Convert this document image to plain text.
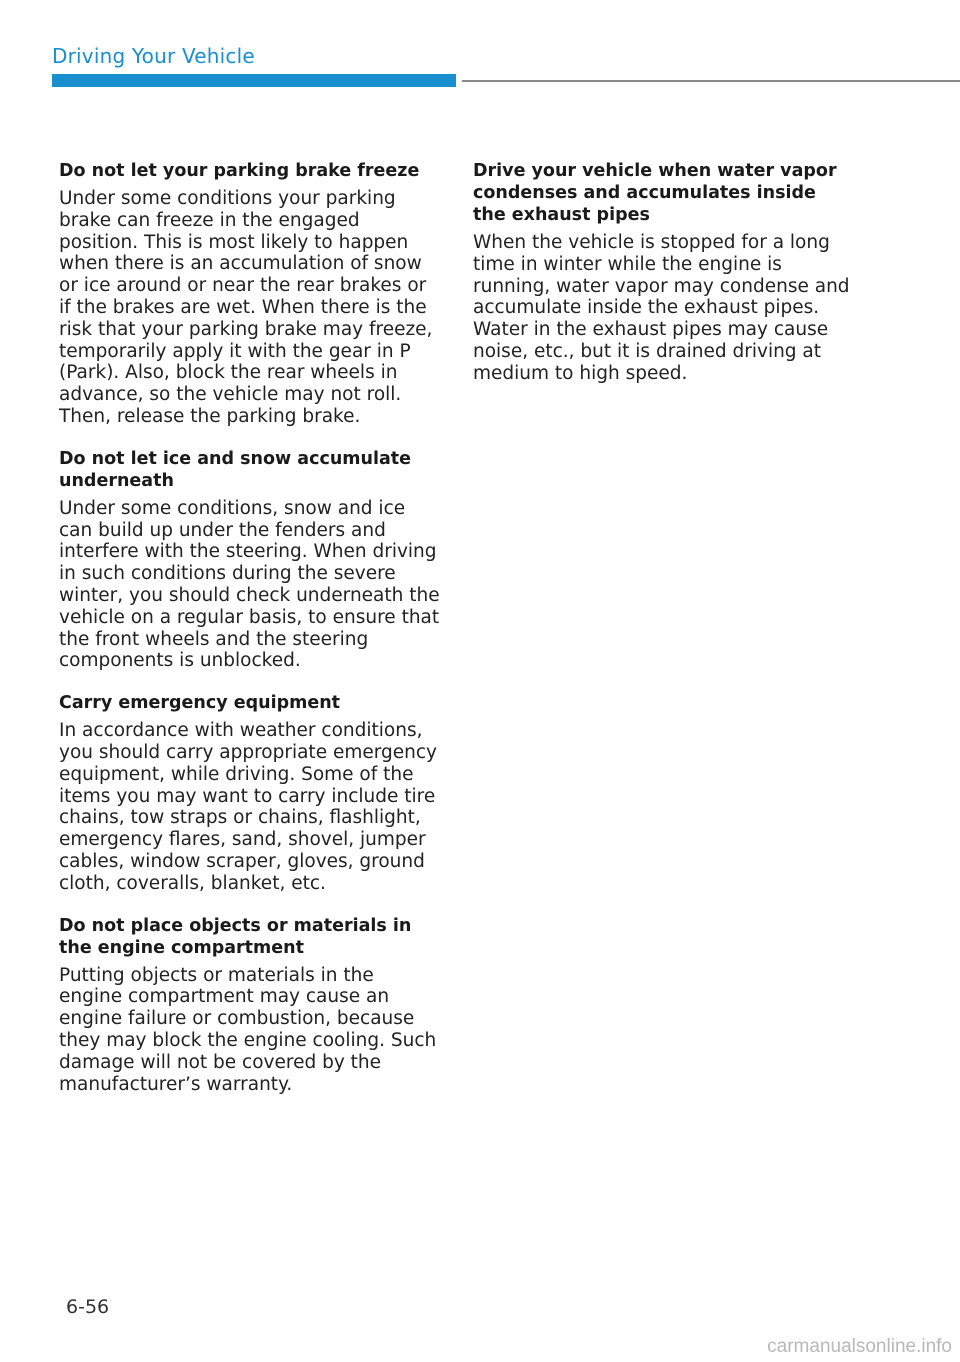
Driving Your Vehicle

Do not let your parking brake freeze

Under some conditions your parking brake can freeze in the engaged position. This is most likely to happen when there is an accumulation of snow or ice around or near the rear brakes or if the brakes are wet. When there is the risk that your parking brake may freeze, temporarily apply it with the gear in P (Park). Also, block the rear wheels in advance, so the vehicle may not roll. Then, release the parking brake.

Do not let ice and snow accumulate underneath

Under some conditions, snow and ice can build up under the fenders and interfere with the steering. When driving in such conditions during the severe winter, you should check underneath the vehicle on a regular basis, to ensure that the front wheels and the steering components is unblocked.

Carry emergency equipment

In accordance with weather conditions, you should carry appropriate emergency equipment, while driving. Some of the items you may want to carry include tire chains, tow straps or chains, flashlight, emergency flares, sand, shovel, jumper cables, window scraper, gloves, ground cloth, coveralls, blanket, etc.

Do not place objects or materials in the engine compartment

Putting objects or materials in the engine compartment may cause an engine failure or combustion, because they may block the engine cooling. Such damage will not be covered by the manufacturer’s warranty.

Drive your vehicle when water vapor condenses and accumulates inside the exhaust pipes

When the vehicle is stopped for a long time in winter while the engine is running, water vapor may condense and accumulate inside the exhaust pipes. Water in the exhaust pipes may cause noise, etc., but it is drained driving at medium to high speed.

6-56
carmanualsonline.info
